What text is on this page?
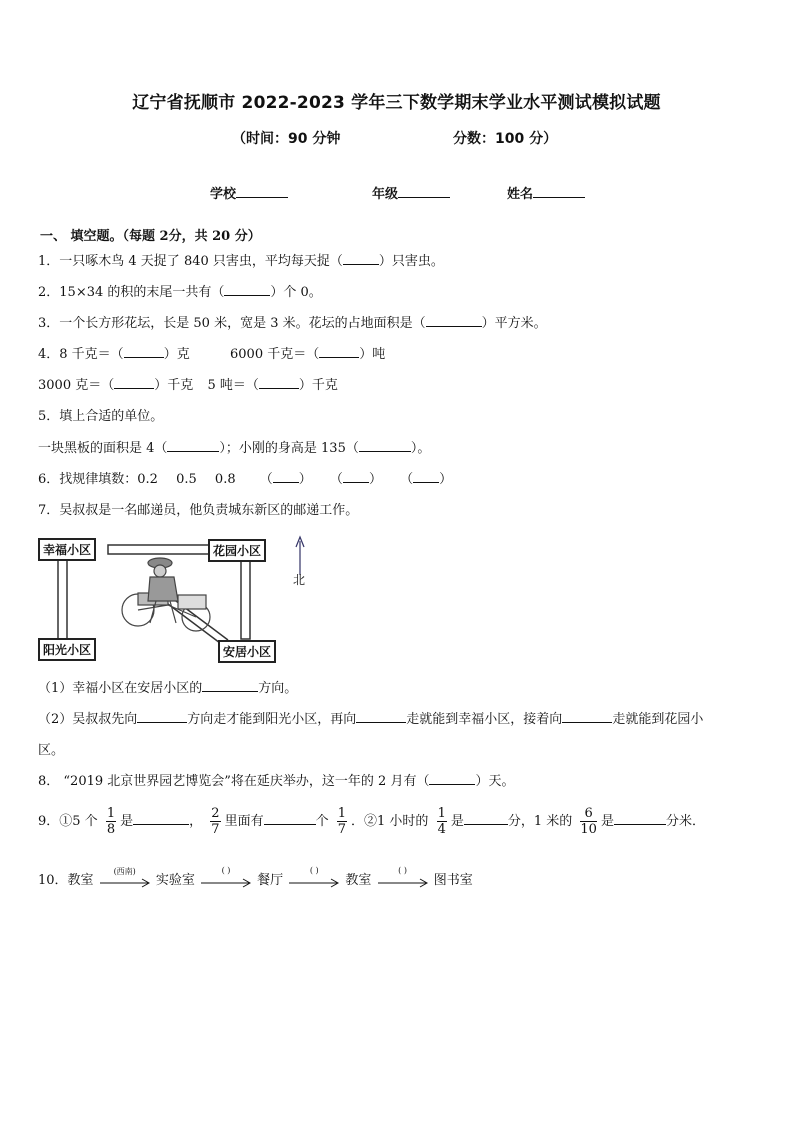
辽宁省抚顺市 2022-2023 学年三下数学期末学业水平测试模拟试题
（时间：90 分钟	分数：100 分）
学校	年级	姓名
一、 填空题。（每题 2分，共 20 分）
1．一只啄木鸟 4 天捉了 840 只害虫，平均每天捉（	）只害虫。
2．15×34 的积的末尾一共有（	）个 0。
3．一个长方形花坛，长是 50 米，宽是 3 米。花坛的占地面积是（	）平方米。
4．8 千克＝（	）克	6000 千克＝（	）吨
3000 克＝（	）千克 5 吨＝（	）千克
5．填上合适的单位。
一块黑板的面积是 4（	）；小刚的身高是 135（	）。
6．找规律填数：0.2 0.5 0.8 （ ） （ ） （ ）
7．吴叔叔是一名邮递员，他负责城东新区的邮递工作。
幸福小区	花园小区
阳光小区	安居小区
北
（1）幸福小区在安居小区的	方向。
（2）吴叔叔先向	方向走才能到阳光小区，再向	走就能到幸福小区，接着向	走就能到花园小
区。
8． “2019 北京世界园艺博览会”将在延庆举办，这一年的 2 月有（	）天。
9．①5 个 $\frac{1}{8}$ 是	， $\frac{2}{7}$ 里面有	个 $\frac{1}{7}$ ．②1 小时的 $\frac{1}{4}$ 是	分，1 米的 $\frac{6}{10}$ 是	分米．
10．教室
(西南)
实验室
( )
餐厅
( )
教室
( )
图书室
